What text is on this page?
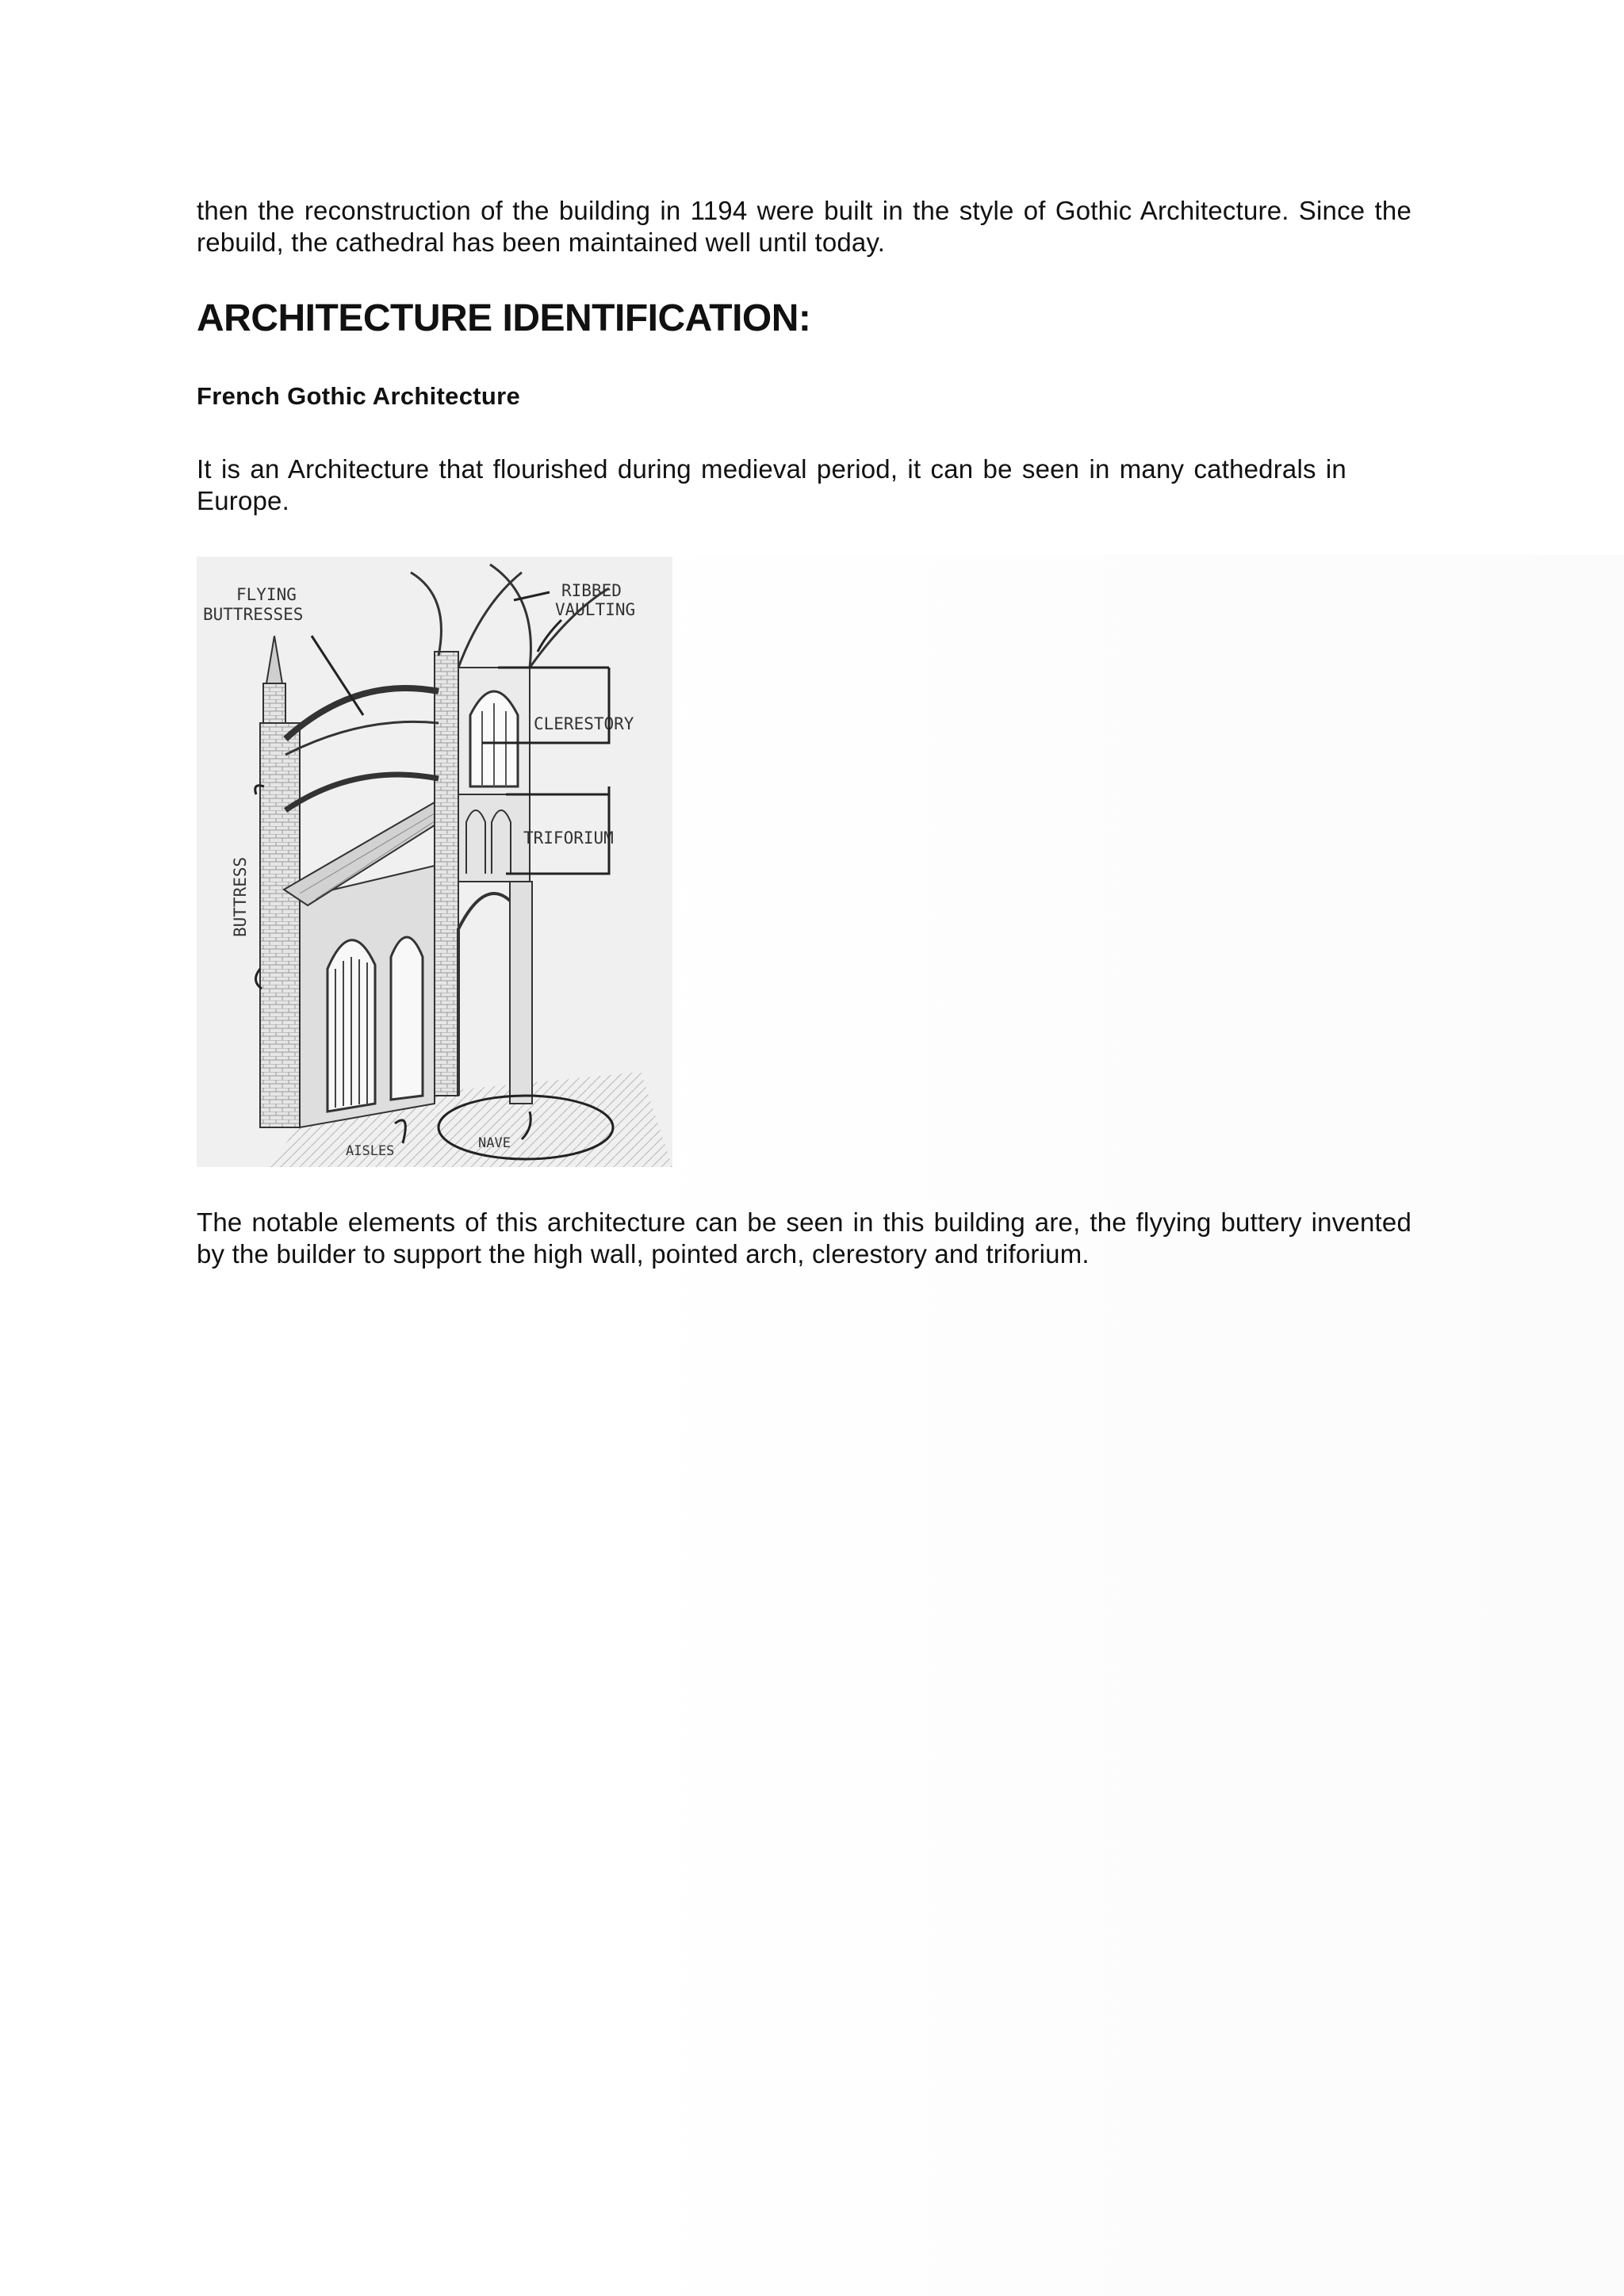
then the reconstruction of the building in 1194 were built in the style of Gothic Architecture. Since the rebuild, the cathedral has been maintained well until today.

ARCHITECTURE IDENTIFICATION:
French Gothic Architecture

It is an Architecture that flourished during medieval period, it can be seen in many cathedrals in Europe.

FLYING
BUTTRESSES
RIBBED
VAULTING
CLERESTORY
TRIFORIUM
BUTTRESS
AISLES	NAVE

The notable elements of this architecture can be seen in this building are, the flyying buttery invented by the builder to support the high wall, pointed arch, clerestory and triforium.
